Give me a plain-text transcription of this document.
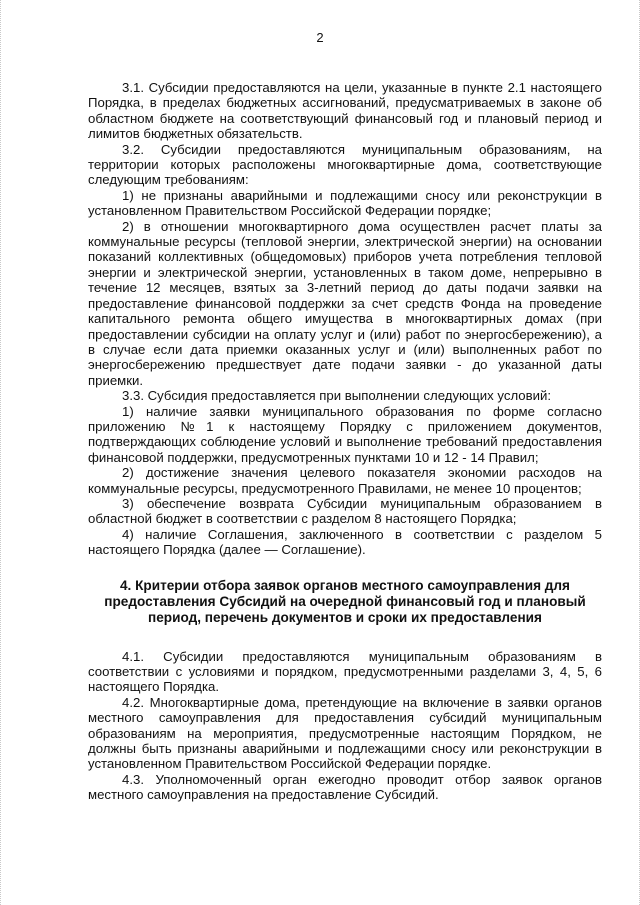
2

3.1. Субсидии предоставляются на цели, указанные в пункте 2.1 настоящего Порядка, в пределах бюджетных ассигнований, предусматриваемых в законе об областном бюджете на соответствующий финансовый год и плановый период и лимитов бюджетных обязательств.

3.2. Субсидии предоставляются муниципальным образованиям, на территории которых расположены многоквартирные дома, соответствующие следующим требованиям:

1) не признаны аварийными и подлежащими сносу или реконструкции в установленном Правительством Российской Федерации порядке;

2) в отношении многоквартирного дома осуществлен расчет платы за коммунальные ресурсы (тепловой энергии, электрической энергии) на основании показаний коллективных (общедомовых) приборов учета потребления тепловой энергии и электрической энергии, установленных в таком доме, непрерывно в течение 12 месяцев, взятых за 3-летний период до даты подачи заявки на предоставление финансовой поддержки за счет средств Фонда на проведение капитального ремонта общего имущества в многоквартирных домах (при предоставлении субсидии на оплату услуг и (или) работ по энергосбережению), а в случае если дата приемки оказанных услуг и (или) выполненных работ по энергосбережению предшествует дате подачи заявки - до указанной даты приемки.

3.3. Субсидия предоставляется при выполнении следующих условий:

1) наличие заявки муниципального образования по форме согласно приложению №1 к настоящему Порядку с приложением документов, подтверждающих соблюдение условий и выполнение требований предоставления финансовой поддержки, предусмотренных пунктами 10 и 12 - 14 Правил;

2) достижение значения целевого показателя экономии расходов на коммунальные ресурсы, предусмотренного Правилами, не менее 10 процентов;

3) обеспечение возврата Субсидии муниципальным образованием в областной бюджет в соответствии с разделом 8 настоящего Порядка;

4) наличие Соглашения, заключенного в соответствии с разделом 5 настоящего Порядка (далее — Соглашение).

4. Критерии отбора заявок органов местного самоуправления для предоставления Субсидий на очередной финансовый год и плановый период, перечень документов и сроки их предоставления

4.1. Субсидии предоставляются муниципальным образованиям в соответствии с условиями и порядком, предусмотренными разделами 3, 4, 5, 6 настоящего Порядка.

4.2. Многоквартирные дома, претендующие на включение в заявки органов местного самоуправления для предоставления субсидий муниципальным образованиям на мероприятия, предусмотренные настоящим Порядком, не должны быть признаны аварийными и подлежащими сносу или реконструкции в установленном Правительством Российской Федерации порядке.

4.3. Уполномоченный орган ежегодно проводит отбор заявок органов местного самоуправления на предоставление Субсидий.
